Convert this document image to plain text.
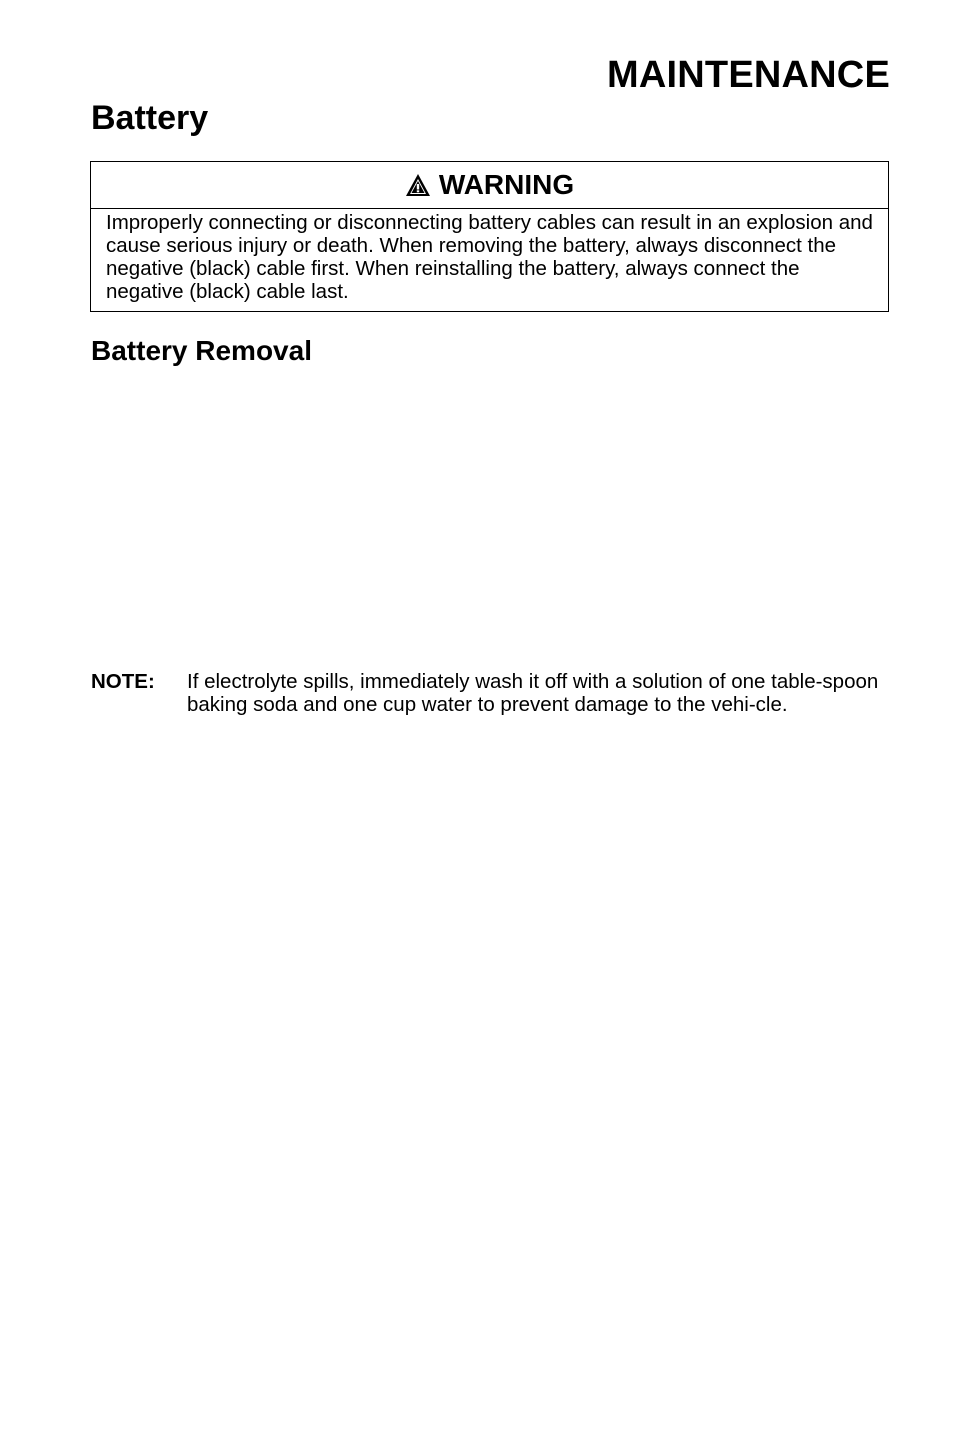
MAINTENANCE
Battery
WARNING
Improperly connecting or disconnecting battery cables can result in an explosion and cause serious injury or death. When removing the battery, always disconnect the negative (black) cable first. When reinstalling the battery, always connect the negative (black) cable last.
Battery Removal
NOTE: If electrolyte spills, immediately wash it off with a solution of one table-spoon baking soda and one cup water to prevent damage to the vehi-cle.
